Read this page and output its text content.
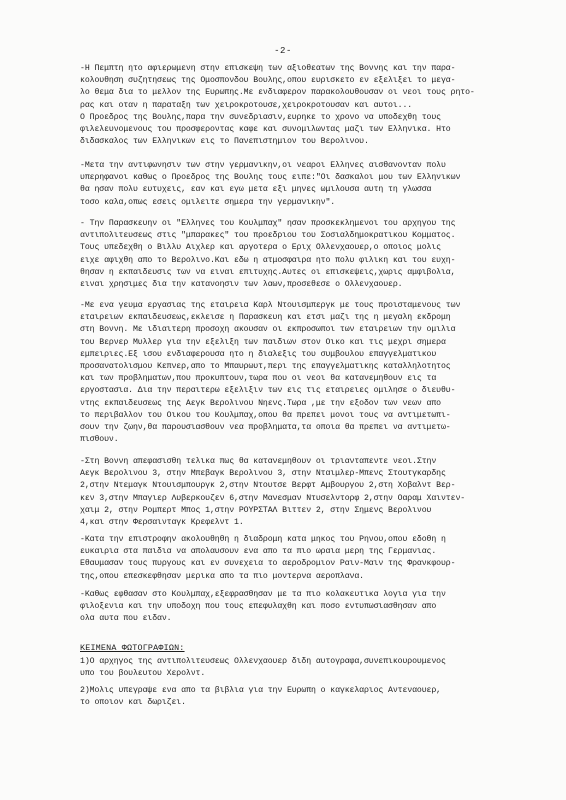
-2-
-Η Πεμπτη ητο αφιερωμενη στην επισκεψη των αξιοθεατων της Βοννης και την παρα-
κολουθηση συζητησεως της Ομοσπονδου Βουλης,οπου ευρισκετο εν εξελιξει το μεγα-
λο θεμα δια το μελλον της Ευρωπης.Με ενδιαφερον παρακολουθουσαν οι νεοι τους ρητο-
ρας και οταν η παραταξη των χειροκροτουσε,χειροκροτουσαν και αυτοι...
Ο Προεδρος της Βουλης,παρα την συνεδριασιν,ευρηκε το χρονο να υποδεχθη τους
φιλελευνομενους του προσφεροντας καφε και συνομιλωντας μαζι των Ελληνικα. Ητο
διδασκαλος των Ελληνικων εις το Πανεπιστημιον του Βερολινου.
-Μετα την αντιφωνησιν των στην γερμανικην,οι νεαροι Ελληνες αισθανονταν πολυ
υπερηφανοι καθως ο Προεδρος της Βουλης τους ειπε:"Οι δασκαλοι μου των Ελληνικων
θα ησαν πολυ ευτυχεις, εαν και εγω μετα εξι μηνες ωμιλουσα αυτη τη γλωσσα
τοσο καλα,οπως εσεις ομιλειτε σημερα την γερμανικην".
- Την Παρασκευην οι "Ελληνες του Κουλμπαχ" ησαν προσκεκλημενοι του αρχηγου της
αντιπολιτευσεως στις "μπαρακες" του προεδριου του Σοσιαλδημοκρατικου Κομματος.
Τους υπεδεχθη ο Βιλλυ Αιχλερ και αργοτερα ο Εριχ Ολλενχαουερ,ο οποιος μολις
ειχε αφιχθη απο το Βερολινο.Και εδω η ατμοσφαιρα ητο πολυ φιλικη και του ευχη-
θησαν η εκπαιδευσις των να ειναι επιτυχης.Αυτες οι επισκεψεις,χωρις αμφιβολια,
ειναι χρησιμες δια την κατανοησιν των λαων,προσεθεσε ο Ολλενχαουερ.
-Με ενα γευμα εργασιας της εταιρεια Καρλ Ντουισμπεργκ με τους προισταμενους των
εταιρειων εκπαιδευσεως,εκλεισε η Παρασκευη και ετσι μαζι της η μεγαλη εκδρομη
στη Βοννη. Με ιδιαιτερη προσοχη ακουσαν οι εκπροσωποι των εταιρειων την ομιλια
του Βερνερ Μυλλερ για την εξελιξη των παιδιων στον Οικο και τις μεχρι σημερα
εμπειριες.Εξ ισου ενδιαφερουσα ητο η διαλεξις του συμβουλου επαγγελματικου
προσανατολισμου Κεπνερ,απο το Μπαυρωυτ,περι της επαγγελματικης καταλληλοτητος
και των προβληματων,που προκυπτουν,τωρα που οι νεοι θα κατανεμηθουν εις τα
εργοστασια. Δια την περαιτερω εξελιξιν των εις τις εταιρειες ομιλησε ο διευθυ-
ντης εκπαιδευσεως της Αεγκ Βερολινου Νηενς.Τωρα ,με την εξοδον των νεων απο
το περιβαλλον του Οικου του Κουλμπαχ,οπου θα πρεπει μονοι τους να αντιμετωπι-
σουν την ζωην,θα παρουσιασθουν νεα προβληματα,τα οποια θα πρεπει να αντιμετω-
πισθουν.
-Στη Βοννη απεφασισθη τελικα πως θα κατανεμηθουν οι τριανταπεντε νεοι.Στην
Αεγκ Βερολινου 3, στην Μπεβαγκ Βερολινου 3, στην Νταιμλερ-Μπενς Στουτγκαρδης
2,στην Ντεμαγκ Ντουισμπουργκ 2,στην Ντουτσε Βερφτ Αμβουργου 2,στη Χοβαλντ Βερ-
κεν 3,στην Μπαγιερ Λυβερκουζεν 6,στην Μανεσμαν Ντυσελντορφ 2,στην Οαραμ Χαιντεν-
χαιμ 2, στην Ρομπερτ Μπος 1,στην ΡΟΥΡΣΤΑΛ Βιττεν 2, στην Σημενς Βερολινου
4,και στην Φερσαινταγκ Κρεφελντ 1.
-Κατα την επιστροφην ακολουθηθη η διαδρομη κατα μηκος του Ρηνου,οπου εδοθη η
ευκαιρια στα παιδια να απολαυσουν ενα απο τα πιο ωραια μερη της Γερμανιας.
Εθαυμασαν τους πυργους και εν συνεχεια το αεροδρομιον Ραιν-Μαιν της Φρανκφουρ-
της,οπου επεσκεφθησαν μερικα απο τα πιο μοντερνα αεροπλανα.
-Καθως εφθασαν στο Κουλμπαχ,εξεφρασθησαν με τα πιο κολακευτικα λογια για την
φιλοξενια και την υποδοχη που τους επεφυλαχθη και ποσο εντυπωσιασθησαν απο
ολα αυτα που ειδαν.
ΚΕΙΜΕΝΑ ΦΩΤΟΓΡΑΦΙΩΝ:
1)Ο αρχηγος της αντιπολιτευσεως Ολλενχαουερ διδη αυτογραφα,συνεπικουρουμενος
υπο του βουλευτου Χερολντ.
2)Μολις υπεγραψε ενα απο τα βιβλια για την Ευρωπη ο καγκελαριος Αντεναουερ,
το οποιον και δωριζει.
